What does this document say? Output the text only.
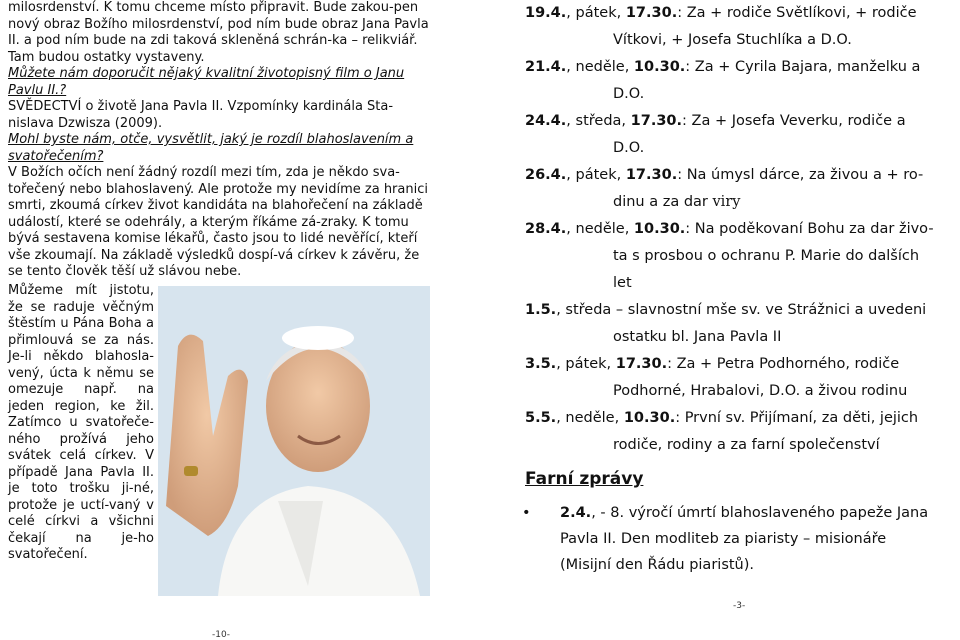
milosrdenství. K tomu chceme místo připravit. Bude zakou-pen nový obraz Božího milosrdenství, pod ním bude obraz Jana Pavla II. a pod ním bude na zdi taková skleněná schrán-ka – relikviář. Tam budou ostatky vystaveny.

Můžete nám doporučit nějaký kvalitní životopisný film o Janu Pavlu II.?

SVĚDECTVÍ o životě Jana Pavla II. Vzpomínky kardinála Sta-nislava Dzwisza (2009).

Mohl byste nám, otče, vysvětlit, jaký je rozdíl blahoslavením a svatořečením?

V Božích očích není žádný rozdíl mezi tím, zda je někdo sva-tořečený nebo blahoslavený. Ale protože my nevidíme za hranici smrti, zkoumá církev život kandidáta na blahořečení na základě událostí, které se odehrály, a kterým říkáme zá-zraky. K tomu bývá sestavena komise lékařů, často jsou to lidé nevěřící, kteří vše zkoumají. Na základě výsledků dospí-vá církev k závěru, že se tento člověk těší už slávou nebe.

Můžeme mít jistotu, že se raduje věčným štěstím u Pána Boha a přimlouvá se za nás. Je-li někdo blahosla-vený, úcta k němu se omezuje např. na jeden region, ke žil. Zatímco u svatořeče-ného prožívá jeho svátek celá církev. V případě Jana Pavla II. je toto trošku ji-né, protože je uctí-vaný v celé církvi a všichni čekají na je-ho svatořečení.

19.4., pátek, 17.30.: Za + rodiče Světlíkovi, + rodiče
Vítkovi, + Josefa Stuchlíka a D.O.

21.4., neděle, 10.30.: Za + Cyrila Bajara, manželku a
D.O.

24.4., středa, 17.30.: Za + Josefa Veverku, rodiče a
D.O.

26.4., pátek, 17.30.: Na úmysl dárce, za živou a + ro-
dinu a za dar viry

28.4., neděle, 10.30.: Na poděkovaní Bohu za dar živo-
ta s prosbou o ochranu P. Marie do dalších
let

1.5., středa – slavnostní mše sv. ve Strážnici a uvedeni
ostatku bl. Jana Pavla II

3.5., pátek, 17.30.: Za + Petra Podhorného, rodiče
Podhorné, Hrabalovi, D.O. a živou rodinu

5.5., neděle, 10.30.: První sv. Přijímaní, za děti, jejich
rodiče, rodiny a za farní společenství

Farní zprávy
•	2.4., - 8. výročí úmrtí blahoslaveného papeže Jana
Pavla II. Den modliteb za piaristy – misionáře
(Misijní den Řádu piaristů).
-10-
-3-
